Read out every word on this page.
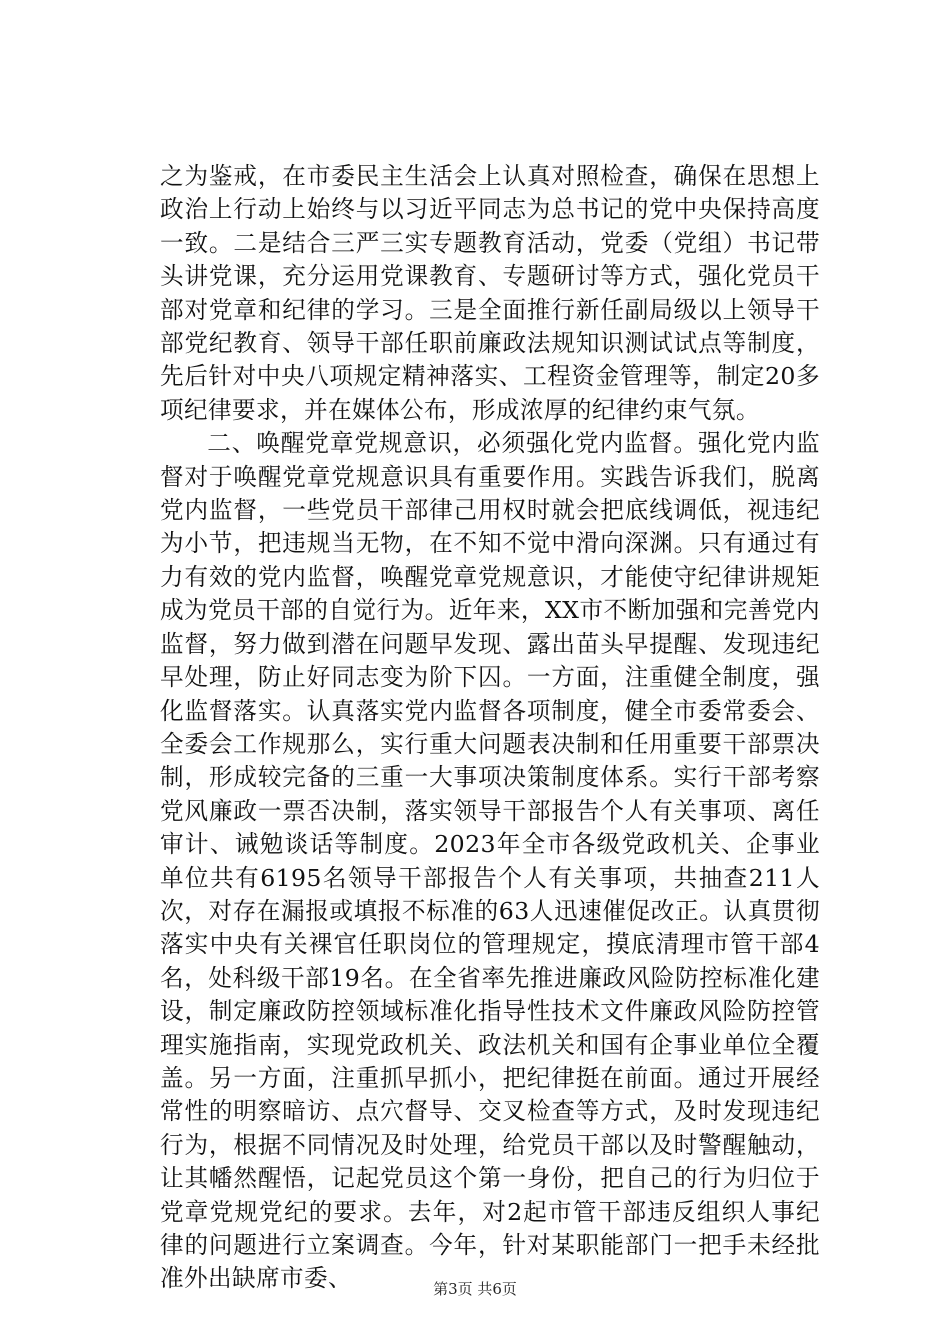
之为鉴戒，在市委民主生活会上认真对照检查，确保在思想上政治上行动上始终与以习近平同志为总书记的党中央保持高度一致。二是结合三严三实专题教育活动，党委（党组）书记带头讲党课，充分运用党课教育、专题研讨等方式，强化党员干部对党章和纪律的学习。三是全面推行新任副局级以上领导干部党纪教育、领导干部任职前廉政法规知识测试试点等制度，先后针对中央八项规定精神落实、工程资金管理等，制定20多项纪律要求，并在媒体公布，形成浓厚的纪律约束气氛。

二、唤醒党章党规意识，必须强化党内监督。强化党内监督对于唤醒党章党规意识具有重要作用。实践告诉我们，脱离党内监督，一些党员干部律己用权时就会把底线调低，视违纪为小节，把违规当无物，在不知不觉中滑向深渊。只有通过有力有效的党内监督，唤醒党章党规意识，才能使守纪律讲规矩成为党员干部的自觉行为。近年来，XX市不断加强和完善党内监督，努力做到潜在问题早发现、露出苗头早提醒、发现违纪早处理，防止好同志变为阶下囚。一方面，注重健全制度，强化监督落实。认真落实党内监督各项制度，健全市委常委会、全委会工作规那么，实行重大问题表决制和任用重要干部票决制，形成较完备的三重一大事项决策制度体系。实行干部考察党风廉政一票否决制，落实领导干部报告个人有关事项、离任审计、诫勉谈话等制度。2023年全市各级党政机关、企事业单位共有6195名领导干部报告个人有关事项，共抽查211人次，对存在漏报或填报不标准的63人迅速催促改正。认真贯彻落实中央有关裸官任职岗位的管理规定，摸底清理市管干部4名，处科级干部19名。在全省率先推进廉政风险防控标准化建设，制定廉政防控领域标准化指导性技术文件廉政风险防控管理实施指南，实现党政机关、政法机关和国有企事业单位全覆盖。另一方面，注重抓早抓小，把纪律挺在前面。通过开展经常性的明察暗访、点穴督导、交叉检查等方式，及时发现违纪行为，根据不同情况及时处理，给党员干部以及时警醒触动，让其幡然醒悟，记起党员这个第一身份，把自己的行为归位于党章党规党纪的要求。去年，对2起市管干部违反组织人事纪律的问题进行立案调查。今年，针对某职能部门一把手未经批准外出缺席市委、	第3页 共6页
